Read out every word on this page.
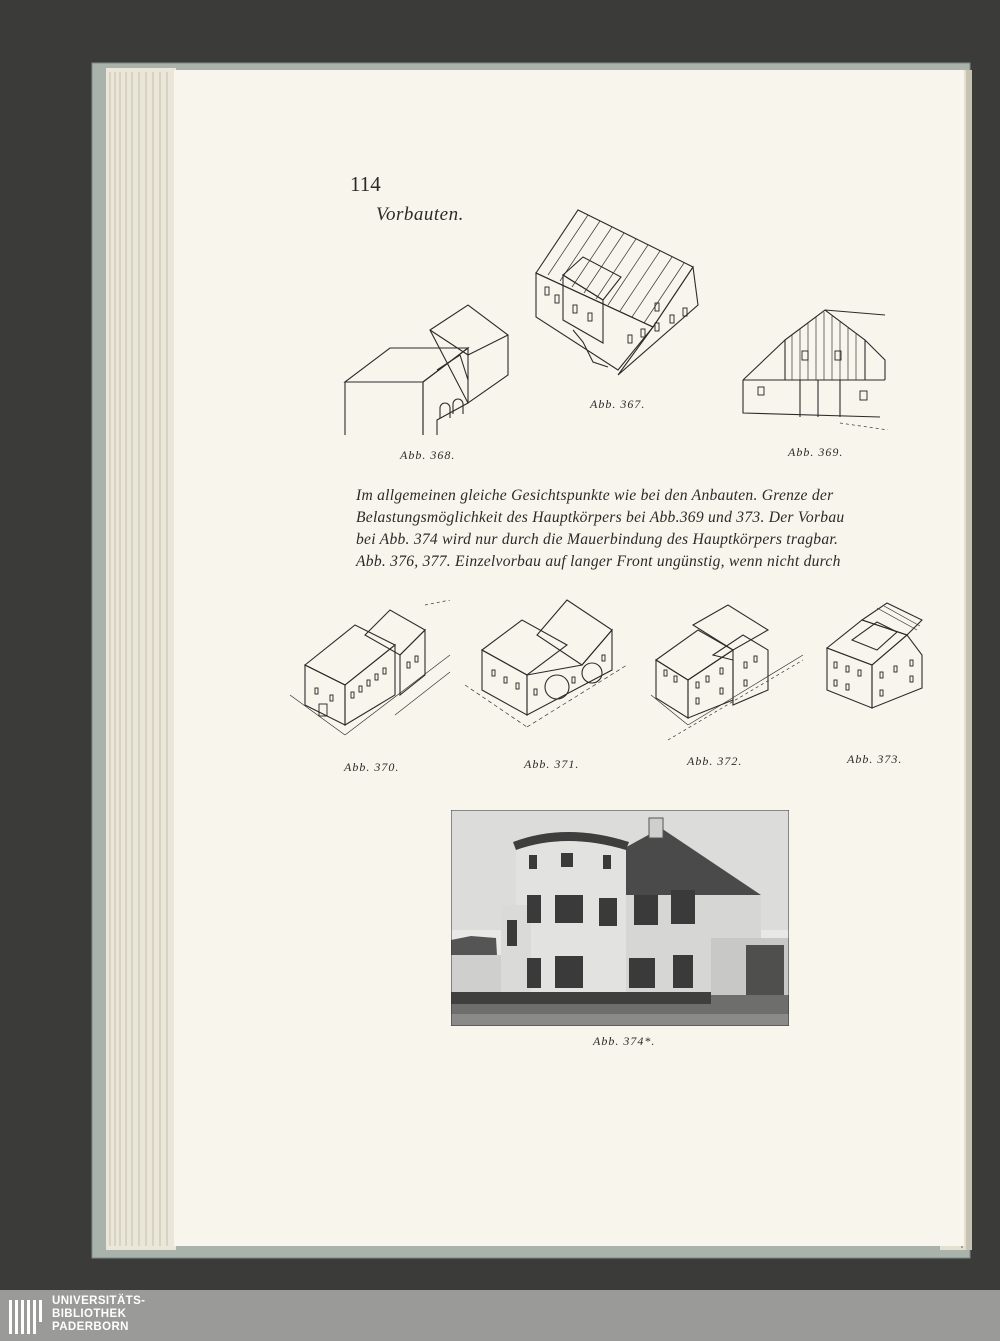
114
Vorbauten.
Abb. 368.
Abb. 367.
Abb. 369.
Im allgemeinen gleiche Gesichtspunkte wie bei den Anbauten. Grenze der
Belastungsmöglichkeit des Hauptkörpers bei Abb.369 und 373. Der Vorbau
bei Abb. 374 wird nur durch die Mauerbindung des Hauptkörpers tragbar.
Abb. 376, 377. Einzelvorbau auf langer Front ungünstig, wenn nicht durch
Abb. 370.	Abb. 371.	Abb. 372.	Abb. 373.
Abb. 374*.
UNIVERSITÄTS-
BIBLIOTHEK
PADERBORN
